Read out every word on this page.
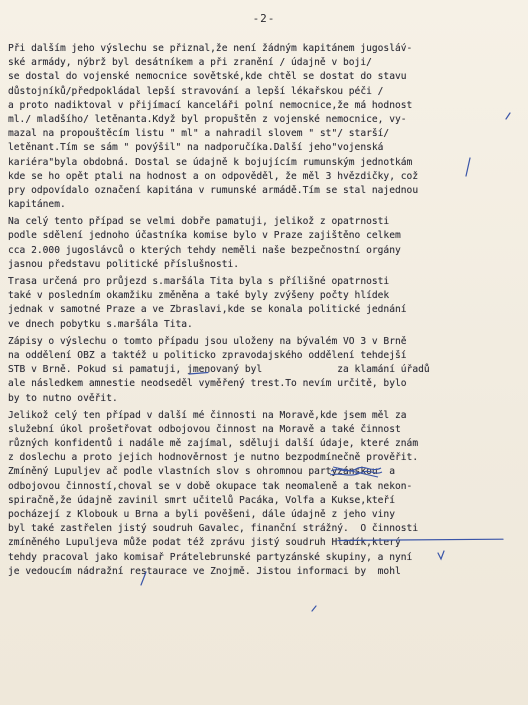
-2-
Při dalším jeho výslechu se přiznal,že není žádným kapitánem jugoslá́v-
ské armády, nýbrž byl desátníkem a při zranění / údajně v boji/
se dostal do vojenské nemocnice sovětské,kde chtěl se dostat do stavu
důstojníků/předpokládal lepší stravování a lepší lékařskou péči /
a proto nadiktoval v přijímací kanceláři polní nemocnice,že má hodnost
ml./ mladšího/ letěnanta.Když byl propuštěn z vojenské nemocnice, vy-
mazal na propouštěcím listu " ml" a nahradil slovem " st"/ starší/
letěnant.Tím se sám " povýšil" na nadporučíka.Další jeho"vojenská
kariéra"byla obdobná. Dostal se údajně k bojujícím rumunským jednotkám
kde se ho opět ptali na hodnost a on odpověděl, že měl 3 hvězdičky, což
pry odpovídalo označení kapitána v rumunské armádě.Tím se stal najednou
kapitánem.
Na celý tento případ se velmi dobře pamatuji, jelikož z opatrnosti
podle sdělení jednoho účastníka komise bylo v Praze zajištěno celkem
cca 2.000 jugoslávců o kterých tehdy neměli naše bezpečnostní orgány
jasnou představu politické příslušnosti.
Trasa určená pro průjezd s.maršála Tita byla s přílišné opatrnosti
také v posledním okamžiku změněna a také byly zvýšeny počty hlídek
jednak v samotné Praze a ve Zbraslavi,kde se konala politické jednání
ve dnech pobytku s.maršála Tita.
Zápisy o výslechu o tomto případu jsou uloženy na bývalém VO 3 v Brně
na oddělení OBZ a taktéž u politicko zpravodajského oddělení tehdejší
STB v Brně. Pokud si pamatuji, jmenovaný byl             za klamání úřadů
ale následkem amnestie neodseděl vyměřený trest.To nevím určitě, bylo
by to nutno ověřit.
Jelikož celý ten případ v další mé činnosti na Moravě,kde jsem měl za
služební úkol prošetřovat odbojovou činnost na Moravě a také činnost
různých konfidentů i nadále mě zajímal, sděluji další údaje, které znám
z doslechu a proto jejich hodnověrnost je nutno bezpodmínečně prověřit.
Zmíněný Lupuljev ač podle vlastních slov s ohromnou partyzánskou  a
odbojovou činností,choval se v době okupace tak neomaleně a tak nekon-
spiračně,že údajně zavinil smrt učitelů Pacáka, Volfa a Kukse,kteří
pocházejí z Klobouk u Brna a byli pověšeni, dále údajně z jeho viny
byl také zastřelen jistý soudruh Gavalec, finanční strážný.  O činnosti
zmíněného Lupuljeva může podat též zprávu jistý soudruh Hladík,který
tehdy pracoval jako komisař Prátelebrunské partyzánské skupiny, a nyní
je vedoucím nádražní restaurace ve Znojmě. Jistou informaci by  mohl
